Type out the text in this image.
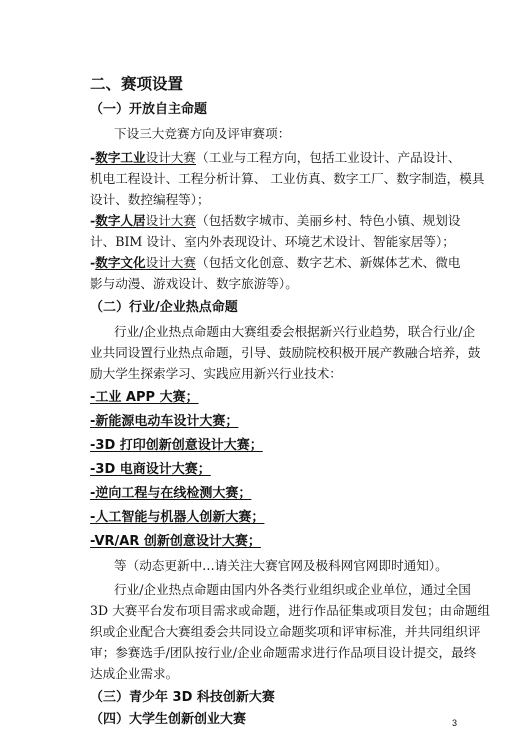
二、赛项设置
（一）开放自主命题
下设三大竞赛方向及评审赛项：
-数字工业设计大赛（工业与工程方向，包括工业设计、产品设计、
机电工程设计、工程分析计算、 工业仿真、数字工厂、数字制造，模具
设计、数控编程等）；
-数字人居设计大赛（包括数字城市、美丽乡村、特色小镇、规划设
计、BIM 设计、室内外表现设计、环境艺术设计、智能家居等）；
-数字文化设计大赛（包括文化创意、数字艺术、新媒体艺术、微电
影与动漫、游戏设计、数字旅游等）。
（二）行业/企业热点命题
行业/企业热点命题由大赛组委会根据新兴行业趋势，联合行业/企
业共同设置行业热点命题，引导、鼓励院校积极开展产教融合培养，鼓
励大学生探索学习、实践应用新兴行业技术：
-工业 APP 大赛；
-新能源电动车设计大赛；
-3D 打印创新创意设计大赛；
-3D 电商设计大赛；
-逆向工程与在线检测大赛；
-人工智能与机器人创新大赛；
-VR/AR 创新创意设计大赛；
等（动态更新中…请关注大赛官网及极科网官网即时通知）。
行业/企业热点命题由国内外各类行业组织或企业单位，通过全国
3D 大赛平台发布项目需求或命题，进行作品征集或项目发包；由命题组
织或企业配合大赛组委会共同设立命题奖项和评审标准，并共同组织评
审；参赛选手/团队按行业/企业命题需求进行作品项目设计提交，最终
达成企业需求。
（三）青少年 3D 科技创新大赛
（四）大学生创新创业大赛	3
